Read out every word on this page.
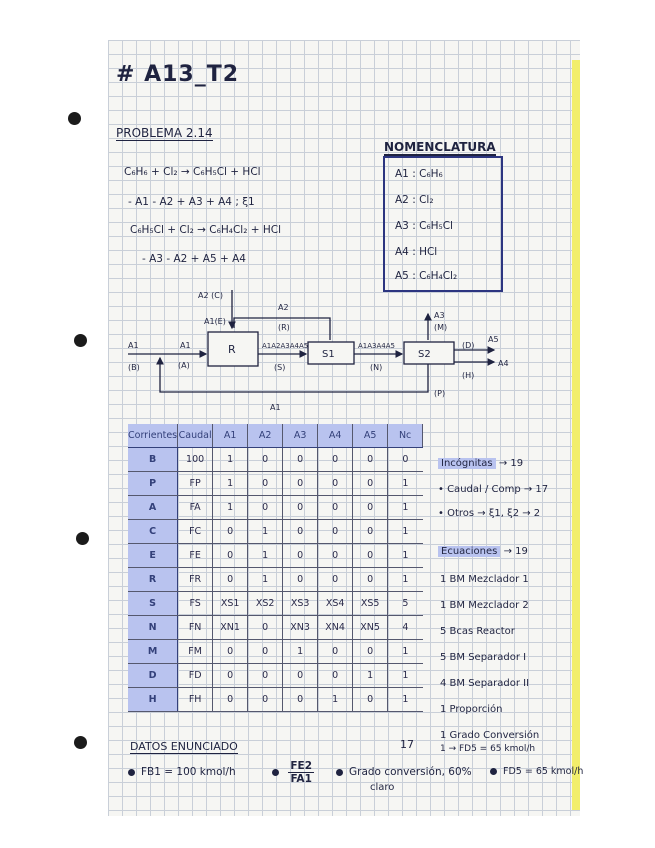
# A13_T2
PROBLEMA 2.14
C₆H₆ + Cl₂ → C₆H₅Cl + HCl
- A1 - A2 + A3 + A4 ; ξ1
C₆H₅Cl + Cl₂ → C₆H₄Cl₂ + HCl
- A3 - A2 + A5 + A4
NOMENCLATURA
A1 : C₆H₆
A2 : Cl₂
A3 : C₆H₅Cl
A4 : HCl
A5 : C₆H₄Cl₂
R	S1	S2
A1
(B)
A1
(A)
A2 (C)
A1(E)
A2
(R)
A1A2A3A4A5
(S)
A1A3A4A5
(N)
A3
(M)
A5
(D)
A4
(H)
(P)
A1
Corrientes	Caudal	A1	A2	A3	A4	A5	Nc
B	100	1	0	0	0	0	0
P	FP	1	0	0	0	0	1
A	FA	1	0	0	0	0	1
C	FC	0	1	0	0	0	1
E	FE	0	1	0	0	0	1
R	FR	0	1	0	0	0	1
S	FS	XS1	XS2	XS3	XS4	XS5	5
N	FN	XN1	0	XN3	XN4	XN5	4
M	FM	0	0	1	0	0	1
D	FD	0	0	0	0	1	1
H	FH	0	0	0	1	0	1
Incógnitas → 19
• Caudal / Comp → 17
• Otros → ξ1, ξ2 → 2
Ecuaciones → 19
1 BM Mezclador 1
1 BM Mezclador 2
5 Bcas Reactor
5 BM Separador I
4 BM Separador II
1 Proporción
1 Grado Conversión
1 → FD5 = 65 kmol/h
DATOS ENUNCIADO	17
FB1 = 100 kmol/h
	$\frac{FE2}{FA1}$	Grado conversión, 60%
claro
FD5 = 65 kmol/h
